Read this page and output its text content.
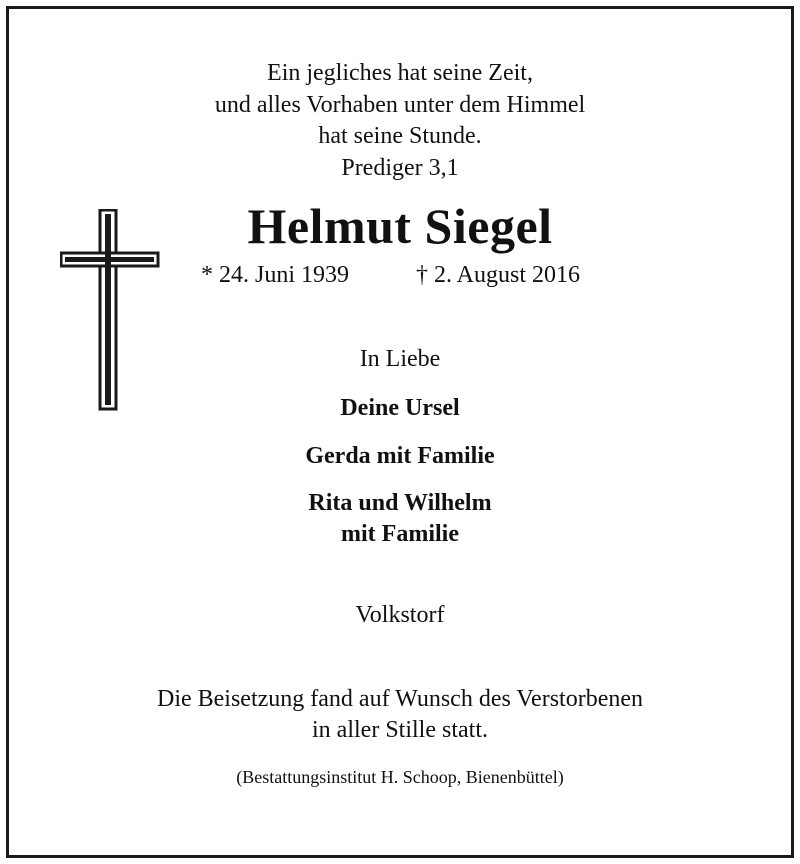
Ein jegliches hat seine Zeit,
und alles Vorhaben unter dem Himmel
hat seine Stunde.
Prediger 3,1
Helmut Siegel
* 24. Juni 1939	† 2. August 2016
In Liebe
Deine Ursel
Gerda mit Familie
Rita und Wilhelm
mit Familie
Volkstorf
Die Beisetzung fand auf Wunsch des Verstorbenen
in aller Stille statt.
(Bestattungsinstitut H. Schoop, Bienenbüttel)
